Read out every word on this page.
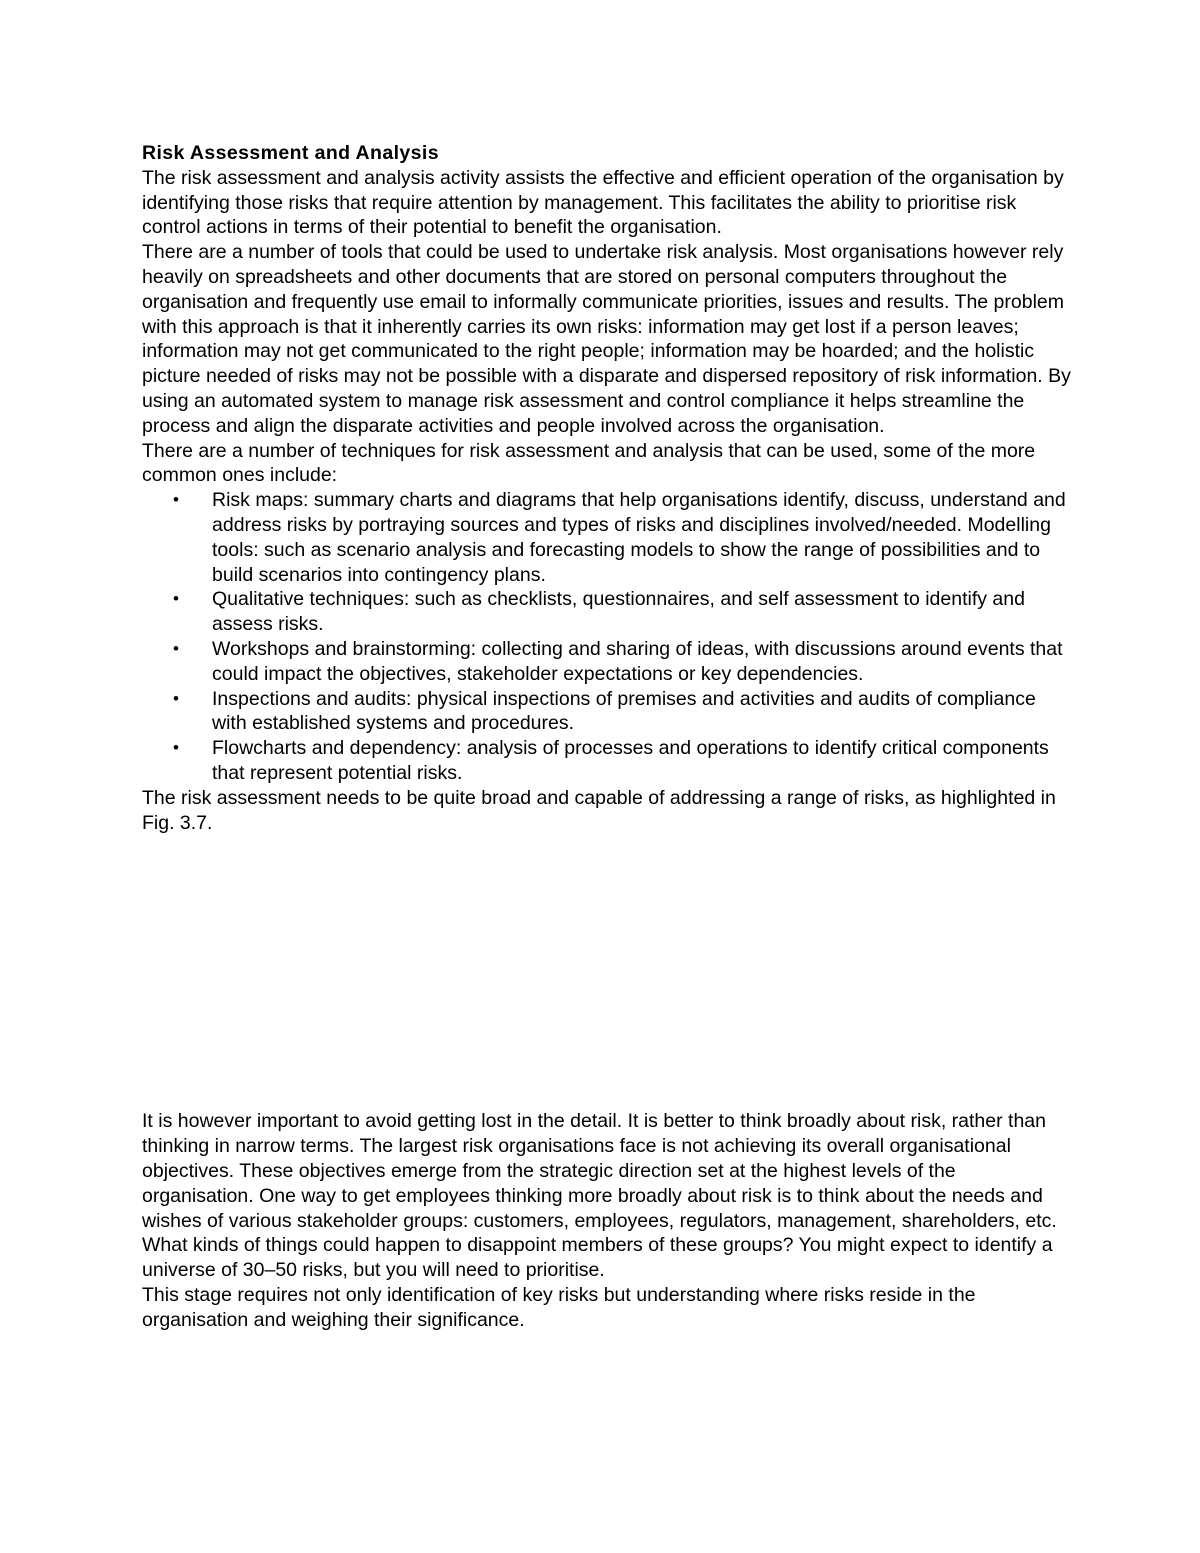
Risk Assessment and Analysis

The risk assessment and analysis activity assists the effective and efficient operation of the organisation by identifying those risks that require attention by management. This facilitates the ability to prioritise risk control actions in terms of their potential to benefit the organisation.

There are a number of tools that could be used to undertake risk analysis. Most organisations however rely heavily on spreadsheets and other documents that are stored on personal computers throughout the organisation and frequently use email to informally communicate priorities, issues and results. The problem with this approach is that it inherently carries its own risks: information may get lost if a person leaves; information may not get communicated to the right people; information may be hoarded; and the holistic picture needed of risks may not be possible with a disparate and dispersed repository of risk information. By using an automated system to manage risk assessment and control compliance it helps streamline the process and align the disparate activities and people involved across the organisation.

There are a number of techniques for risk assessment and analysis that can be used, some of the more common ones include:

• Risk maps: summary charts and diagrams that help organisations identify, discuss, understand and address risks by portraying sources and types of risks and disciplines involved/needed. Modelling tools: such as scenario analysis and forecasting models to show the range of possibilities and to build scenarios into contingency plans.
• Qualitative techniques: such as checklists, questionnaires, and self assessment to identify and assess risks.
• Workshops and brainstorming: collecting and sharing of ideas, with discussions around events that could impact the objectives, stakeholder expectations or key dependencies.
• Inspections and audits: physical inspections of premises and activities and audits of compliance with established systems and procedures.
• Flowcharts and dependency: analysis of processes and operations to identify critical components that represent potential risks.

The risk assessment needs to be quite broad and capable of addressing a range of risks, as highlighted in Fig. 3.7.

It is however important to avoid getting lost in the detail. It is better to think broadly about risk, rather than thinking in narrow terms. The largest risk organisations face is not achieving its overall organisational objectives. These objectives emerge from the strategic direction set at the highest levels of the organisation. One way to get employees thinking more broadly about risk is to think about the needs and wishes of various stakeholder groups: customers, employees, regulators, management, shareholders, etc. What kinds of things could happen to disappoint members of these groups? You might expect to identify a universe of 30–50 risks, but you will need to prioritise.

This stage requires not only identification of key risks but understanding where risks reside in the organisation and weighing their significance.
